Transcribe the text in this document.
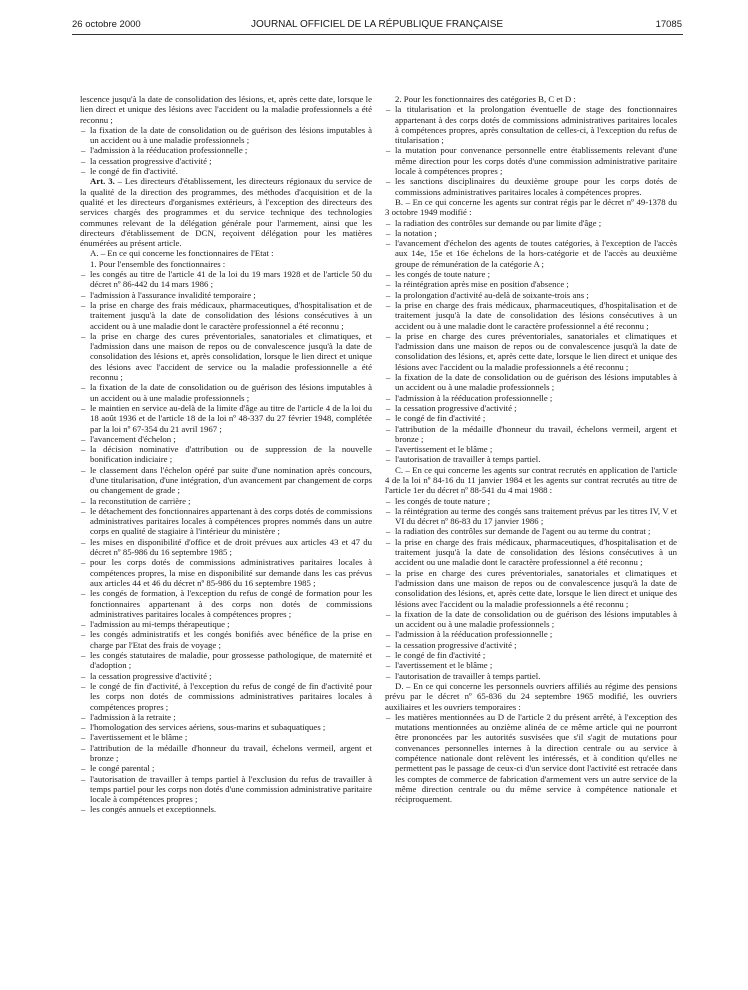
26 octobre 2000	JOURNAL OFFICIEL DE LA RÉPUBLIQUE FRANÇAISE	17085

lescence jusqu'à la date de consolidation des lésions, et, après cette date, lorsque le lien direct et unique des lésions avec l'accident ou la maladie professionnels a été reconnu ;

– la fixation de la date de consolidation ou de guérison des lésions imputables à un accident ou à une maladie professionnels ;
– l'admission à la rééducation professionnelle ;
– la cessation progressive d'activité ;
– le congé de fin d'activité.

Art. 3. – Les directeurs d'établissement, les directeurs régionaux du service de la qualité de la direction des programmes, des méthodes d'acquisition et de la qualité et les directeurs d'organismes extérieurs, à l'exception des directeurs des services chargés des programmes et du service technique des technologies communes relevant de la délégation générale pour l'armement, ainsi que les directeurs d'établissement de DCN, reçoivent délégation pour les matières énumérées au présent article.

A. – En ce qui concerne les fonctionnaires de l'Etat :

1. Pour l'ensemble des fonctionnaires :

– les congés au titre de l'article 41 de la loi du 19 mars 1928 et de l'article 50 du décret nº 86-442 du 14 mars 1986 ;
– l'admission à l'assurance invalidité temporaire ;
– la prise en charge des frais médicaux, pharmaceutiques, d'hospitalisation et de traitement jusqu'à la date de consolidation des lésions consécutives à un accident ou à une maladie dont le caractère professionnel a été reconnu ;
– la prise en charge des cures préventoriales, sanatoriales et climatiques, et l'admission dans une maison de repos ou de convalescence jusqu'à la date de consolidation des lésions et, après consolidation, lorsque le lien direct et unique des lésions avec l'accident de service ou la maladie professionnelle a été reconnu ;
– la fixation de la date de consolidation ou de guérison des lésions imputables à un accident ou à une maladie professionnels ;
– le maintien en service au-delà de la limite d'âge au titre de l'article 4 de la loi du 18 août 1936 et de l'article 18 de la loi nº 48-337 du 27 février 1948, complétée par la loi nº 67-354 du 21 avril 1967 ;
– l'avancement d'échelon ;
– la décision nominative d'attribution ou de suppression de la nouvelle bonification indiciaire ;
– le classement dans l'échelon opéré par suite d'une nomination après concours, d'une titularisation, d'une intégration, d'un avancement par changement de corps ou changement de grade ;
– la reconstitution de carrière ;
– le détachement des fonctionnaires appartenant à des corps dotés de commissions administratives paritaires locales à compétences propres nommés dans un autre corps en qualité de stagiaire à l'intérieur du ministère ;
– les mises en disponibilité d'office et de droit prévues aux articles 43 et 47 du décret nº 85-986 du 16 septembre 1985 ;
– pour les corps dotés de commissions administratives paritaires locales à compétences propres, la mise en disponibilité sur demande dans les cas prévus aux articles 44 et 46 du décret nº 85-986 du 16 septembre 1985 ;
– les congés de formation, à l'exception du refus de congé de formation pour les fonctionnaires appartenant à des corps non dotés de commissions administratives paritaires locales à compétences propres ;
– l'admission au mi-temps thérapeutique ;
– les congés administratifs et les congés bonifiés avec bénéfice de la prise en charge par l'Etat des frais de voyage ;
– les congés statutaires de maladie, pour grossesse pathologique, de maternité et d'adoption ;
– la cessation progressive d'activité ;
– le congé de fin d'activité, à l'exception du refus de congé de fin d'activité pour les corps non dotés de commissions administratives paritaires locales à compétences propres ;
– l'admission à la retraite ;
– l'homologation des services aériens, sous-marins et subaquatiques ;
– l'avertissement et le blâme ;
– l'attribution de la médaille d'honneur du travail, échelons vermeil, argent et bronze ;
– le congé parental ;
– l'autorisation de travailler à temps partiel à l'exclusion du refus de travailler à temps partiel pour les corps non dotés d'une commission administrative paritaire locale à compétences propres ;
– les congés annuels et exceptionnels.

2. Pour les fonctionnaires des catégories B, C et D :

– la titularisation et la prolongation éventuelle de stage des fonctionnaires appartenant à des corps dotés de commissions administratives paritaires locales à compétences propres, après consultation de celles-ci, à l'exception du refus de titularisation ;
– la mutation pour convenance personnelle entre établissements relevant d'une même direction pour les corps dotés d'une commission administrative paritaire locale à compétences propres ;
– les sanctions disciplinaires du deuxième groupe pour les corps dotés de commissions administratives paritaires locales à compétences propres.

B. – En ce qui concerne les agents sur contrat régis par le décret nº 49-1378 du 3 octobre 1949 modifié :

– la radiation des contrôles sur demande ou par limite d'âge ;
– la notation ;
– l'avancement d'échelon des agents de toutes catégories, à l'exception de l'accès aux 14e, 15e et 16e échelons de la hors-catégorie et de l'accès au deuxième groupe de rémunération de la catégorie A ;
– les congés de toute nature ;
– la réintégration après mise en position d'absence ;
– la prolongation d'activité au-delà de soixante-trois ans ;
– la prise en charge des frais médicaux, pharmaceutiques, d'hospitalisation et de traitement jusqu'à la date de consolidation des lésions consécutives à un accident ou à une maladie dont le caractère professionnel a été reconnu ;
– la prise en charge des cures préventoriales, sanatoriales et climatiques et l'admission dans une maison de repos ou de convalescence jusqu'à la date de consolidation des lésions, et, après cette date, lorsque le lien direct et unique des lésions avec l'accident ou la maladie professionnels a été reconnu ;
– la fixation de la date de consolidation ou de guérison des lésions imputables à un accident ou à une maladie professionnels ;
– l'admission à la rééducation professionnelle ;
– la cessation progressive d'activité ;
– le congé de fin d'activité ;
– l'attribution de la médaille d'honneur du travail, échelons vermeil, argent et bronze ;
– l'avertissement et le blâme ;
– l'autorisation de travailler à temps partiel.

C. – En ce qui concerne les agents sur contrat recrutés en application de l'article 4 de la loi nº 84-16 du 11 janvier 1984 et les agents sur contrat recrutés au titre de l'article 1er du décret nº 88-541 du 4 mai 1988 :

– les congés de toute nature ;
– la réintégration au terme des congés sans traitement prévus par les titres IV, V et VI du décret nº 86-83 du 17 janvier 1986 ;
– la radiation des contrôles sur demande de l'agent ou au terme du contrat ;
– la prise en charge des frais médicaux, pharmaceutiques, d'hospitalisation et de traitement jusqu'à la date de consolidation des lésions consécutives à un accident ou une maladie dont le caractère professionnel a été reconnu ;
– la prise en charge des cures préventoriales, sanatoriales et climatiques et l'admission dans une maison de repos ou de convalescence jusqu'à la date de consolidation des lésions, et, après cette date, lorsque le lien direct et unique des lésions avec l'accident ou la maladie professionnels a été reconnu ;
– la fixation de la date de consolidation ou de guérison des lésions imputables à un accident ou à une maladie professionnels ;
– l'admission à la rééducation professionnelle ;
– la cessation progressive d'activité ;
– le congé de fin d'activité ;
– l'avertissement et le blâme ;
– l'autorisation de travailler à temps partiel.

D. – En ce qui concerne les personnels ouvriers affiliés au régime des pensions prévu par le décret nº 65-836 du 24 septembre 1965 modifié, les ouvriers auxiliaires et les ouvriers temporaires :

– les matières mentionnées au D de l'article 2 du présent arrêté, à l'exception des mutations mentionnées au onzième alinéa de ce même article qui ne pourront être prononcées par les autorités susvisées que s'il s'agit de mutations pour convenances personnelles internes à la direction centrale ou au service à compétence nationale dont relèvent les intéressés, et à condition qu'elles ne permettent pas le passage de ceux-ci d'un service dont l'activité est retracée dans les comptes de commerce de fabrication d'armement vers un autre service de la même direction centrale ou du même service à compétence nationale et réciproquement.
